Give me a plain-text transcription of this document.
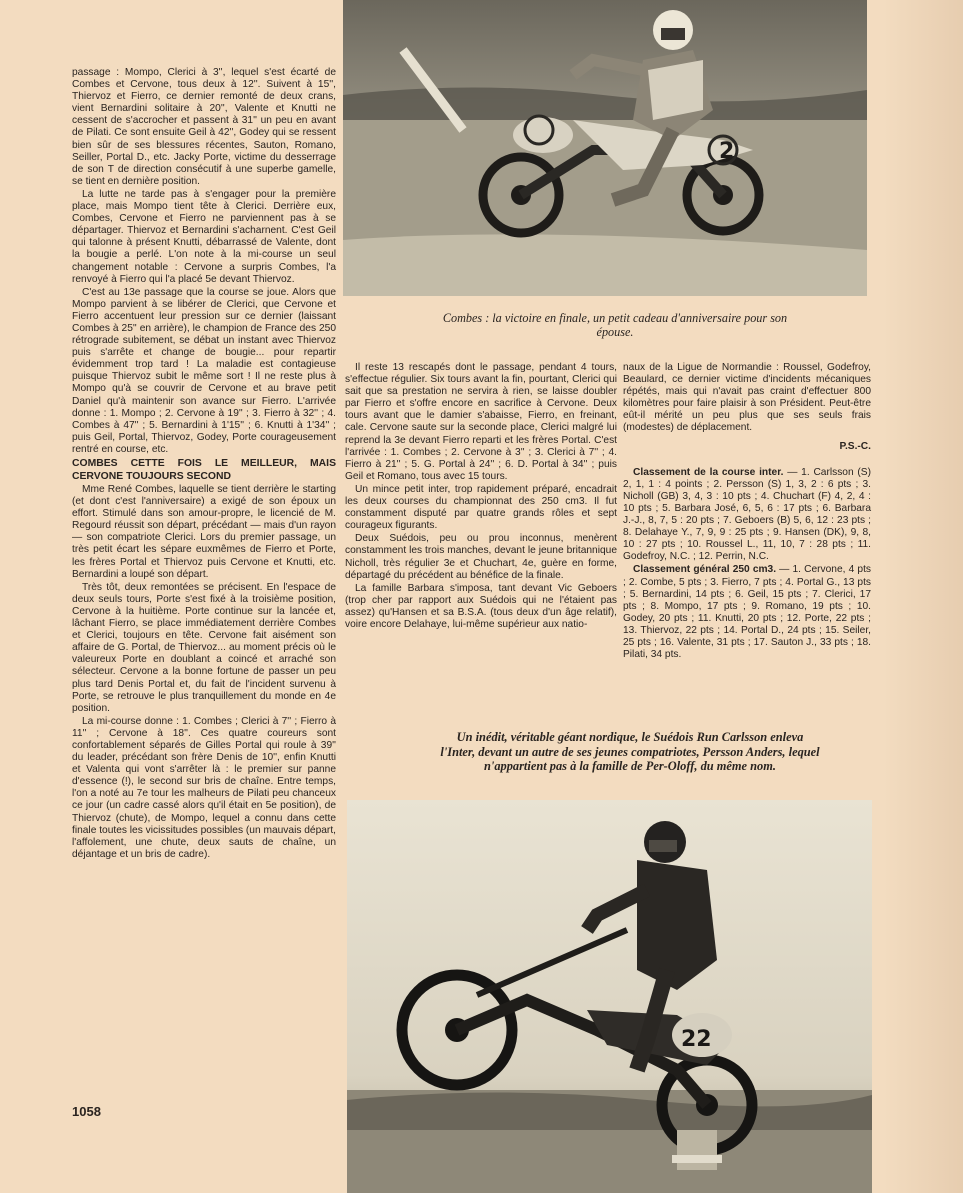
2
Combes : la victoire en finale, un petit cadeau d'anniversaire pour son épouse.

passage : Mompo, Clerici à 3'', lequel s'est écarté de Combes et Cervone, tous deux à 12''. Suivent à 15'', Thiervoz et Fierro, ce dernier remonté de deux crans, vient Bernardini solitaire à 20'', Valente et Knutti ne cessent de s'accrocher et passent à 31'' un peu en avant de Pilati. Ce sont ensuite Geil à 42'', Godey qui se ressent bien sûr de ses blessures récentes, Sauton, Romano, Seiller, Portal D., etc. Jacky Porte, victime du desserrage de son T de direction consécutif à une superbe gamelle, se tient en dernière position.

La lutte ne tarde pas à s'engager pour la première place, mais Mompo tient tête à Clerici. Derrière eux, Combes, Cervone et Fierro ne parviennent pas à se départager. Thiervoz et Bernardini s'acharnent. C'est Geil qui talonne à présent Knutti, débarrassé de Valente, dont la bougie a perlé. L'on note à la mi-course un seul changement notable : Cervone a surpris Combes, l'a renvoyé à Fierro qui l'a placé 5e devant Thiervoz.

C'est au 13e passage que la course se joue. Alors que Mompo parvient à se libérer de Clerici, que Cervone et Fierro accentuent leur pression sur ce dernier (laissant Combes à 25'' en arrière), le champion de France des 250 rétrograde subitement, se débat un instant avec Thiervoz puis s'arrête et change de bougie... pour repartir évidemment trop tard ! La maladie est contagieuse puisque Thiervoz subit le même sort ! Il ne reste plus à Mompo qu'à se couvrir de Cervone et au brave petit Daniel qu'à maintenir son avance sur Fierro. L'arrivée donne : 1. Mompo ; 2. Cervone à 19'' ; 3. Fierro à 32'' ; 4. Combes à 47'' ; 5. Bernardini à 1'15'' ; 6. Knutti à 1'34'' ; puis Geil, Portal, Thiervoz, Godey, Porte courageusement rentré en course, etc.

COMBES CETTE FOIS LE MEILLEUR, MAIS CERVONE TOUJOURS SECOND

Mme René Combes, laquelle se tient derrière le starting (et dont c'est l'anniversaire) a exigé de son époux un effort. Stimulé dans son amour-propre, le licencié de M. Regourd réussit son départ, précédant — mais d'un rayon — son compatriote Clerici. Lors du premier passage, un très petit écart les sépare euxmêmes de Fierro et Porte, les frères Portal et Thiervoz puis Cervone et Knutti, etc. Bernardini a loupé son départ.

Très tôt, deux remontées se précisent. En l'espace de deux seuls tours, Porte s'est fixé à la troisième position, Cervone à la huitième. Porte continue sur la lancée et, lâchant Fierro, se place immédiatement derrière Combes et Clerici, toujours en tête. Cervone fait aisément son affaire de G. Portal, de Thiervoz... au moment précis où le valeureux Porte en doublant a coincé et arraché son sélecteur. Cervone a la bonne fortune de passer un peu plus tard Denis Portal et, du fait de l'incident survenu à Porte, se retrouve le plus tranquillement du monde en 4e position.

La mi-course donne : 1. Combes ; Clerici à 7'' ; Fierro à 11'' ; Cervone à 18''. Ces quatre coureurs sont confortablement séparés de Gilles Portal qui roule à 39'' du leader, précédant son frère Denis de 10'', enfin Knutti et Valenta qui vont s'arrêter là : le premier sur panne d'essence (!), le second sur bris de chaîne. Entre temps, l'on a noté au 7e tour les malheurs de Pilati peu chanceux ce jour (un cadre cassé alors qu'il était en 5e position), de Thiervoz (chute), de Mompo, lequel a connu dans cette finale toutes les vicissitudes possibles (un mauvais départ, l'affolement, une chute, deux sauts de chaîne, un déjantage et un bris de cadre).

Il reste 13 rescapés dont le passage, pendant 4 tours, s'effectue régulier. Six tours avant la fin, pourtant, Clerici qui sait que sa prestation ne servira à rien, se laisse doubler par Fierro et s'offre encore en sacrifice à Cervone. Deux tours avant que le damier s'abaisse, Fierro, en freinant, cale. Cervone saute sur la seconde place, Clerici malgré lui reprend la 3e devant Fierro reparti et les frères Portal. C'est l'arrivée : 1. Combes ; 2. Cervone à 3'' ; 3. Clerici à 7'' ; 4. Fierro à 21'' ; 5. G. Portal à 24'' ; 6. D. Portal à 34'' ; puis Geil et Romano, tous avec 15 tours.

Un mince petit inter, trop rapidement préparé, encadrait les deux courses du championnat des 250 cm3. Il fut constamment disputé par quatre grands rôles et sept courageux figurants.

Deux Suédois, peu ou prou inconnus, menèrent constamment les trois manches, devant le jeune britannique Nicholl, très régulier 3e et Chuchart, 4e, guère en forme, départagé du précédent au bénéfice de la finale.

La famille Barbara s'imposa, tant devant Vic Geboers (trop cher par rapport aux Suédois qui ne l'étaient pas assez) qu'Hansen et sa B.S.A. (tous deux d'un âge relatif), voire encore Delahaye, lui-même supérieur aux natio-

naux de la Ligue de Normandie : Roussel, Godefroy, Beaulard, ce dernier victime d'incidents mécaniques répétés, mais qui n'avait pas craint d'effectuer 800 kilomètres pour faire plaisir à son Président. Peut-être eût-il mérité un peu plus que ses seuls frais (modestes) de déplacement.

P.S.-C.

Classement de la course inter. — 1. Carlsson (S) 2, 1, 1 : 4 points ; 2. Persson (S) 1, 3, 2 : 6 pts ; 3. Nicholl (GB) 3, 4, 3 : 10 pts ; 4. Chuchart (F) 4, 2, 4 : 10 pts ; 5. Barbara José, 6, 5, 6 : 17 pts ; 6. Barbara J.-J., 8, 7, 5 : 20 pts ; 7. Geboers (B) 5, 6, 12 : 23 pts ; 8. Delahaye Y., 7, 9, 9 : 25 pts ; 9. Hansen (DK), 9, 8, 10 : 27 pts ; 10. Roussel L., 11, 10, 7 : 28 pts ; 11. Godefroy, N.C. ; 12. Perrin, N.C.

Classement général 250 cm3. — 1. Cervone, 4 pts ; 2. Combe, 5 pts ; 3. Fierro, 7 pts ; 4. Portal G., 13 pts ; 5. Bernardini, 14 pts ; 6. Geil, 15 pts ; 7. Clerici, 17 pts ; 8. Mompo, 17 pts ; 9. Romano, 19 pts ; 10. Godey, 20 pts ; 11. Knutti, 20 pts ; 12. Porte, 22 pts ; 13. Thiervoz, 22 pts ; 14. Portal D., 24 pts ; 15. Seiler, 25 pts ; 16. Valente, 31 pts ; 17. Sauton J., 33 pts ; 18. Pilati, 34 pts.

Un inédit, véritable géant nordique, le Suédois Run Carlsson enleva l'Inter, devant un autre de ses jeunes compatriotes, Persson Anders, lequel n'appartient pas à la famille de Per-Oloff, du même nom.
22
1058
